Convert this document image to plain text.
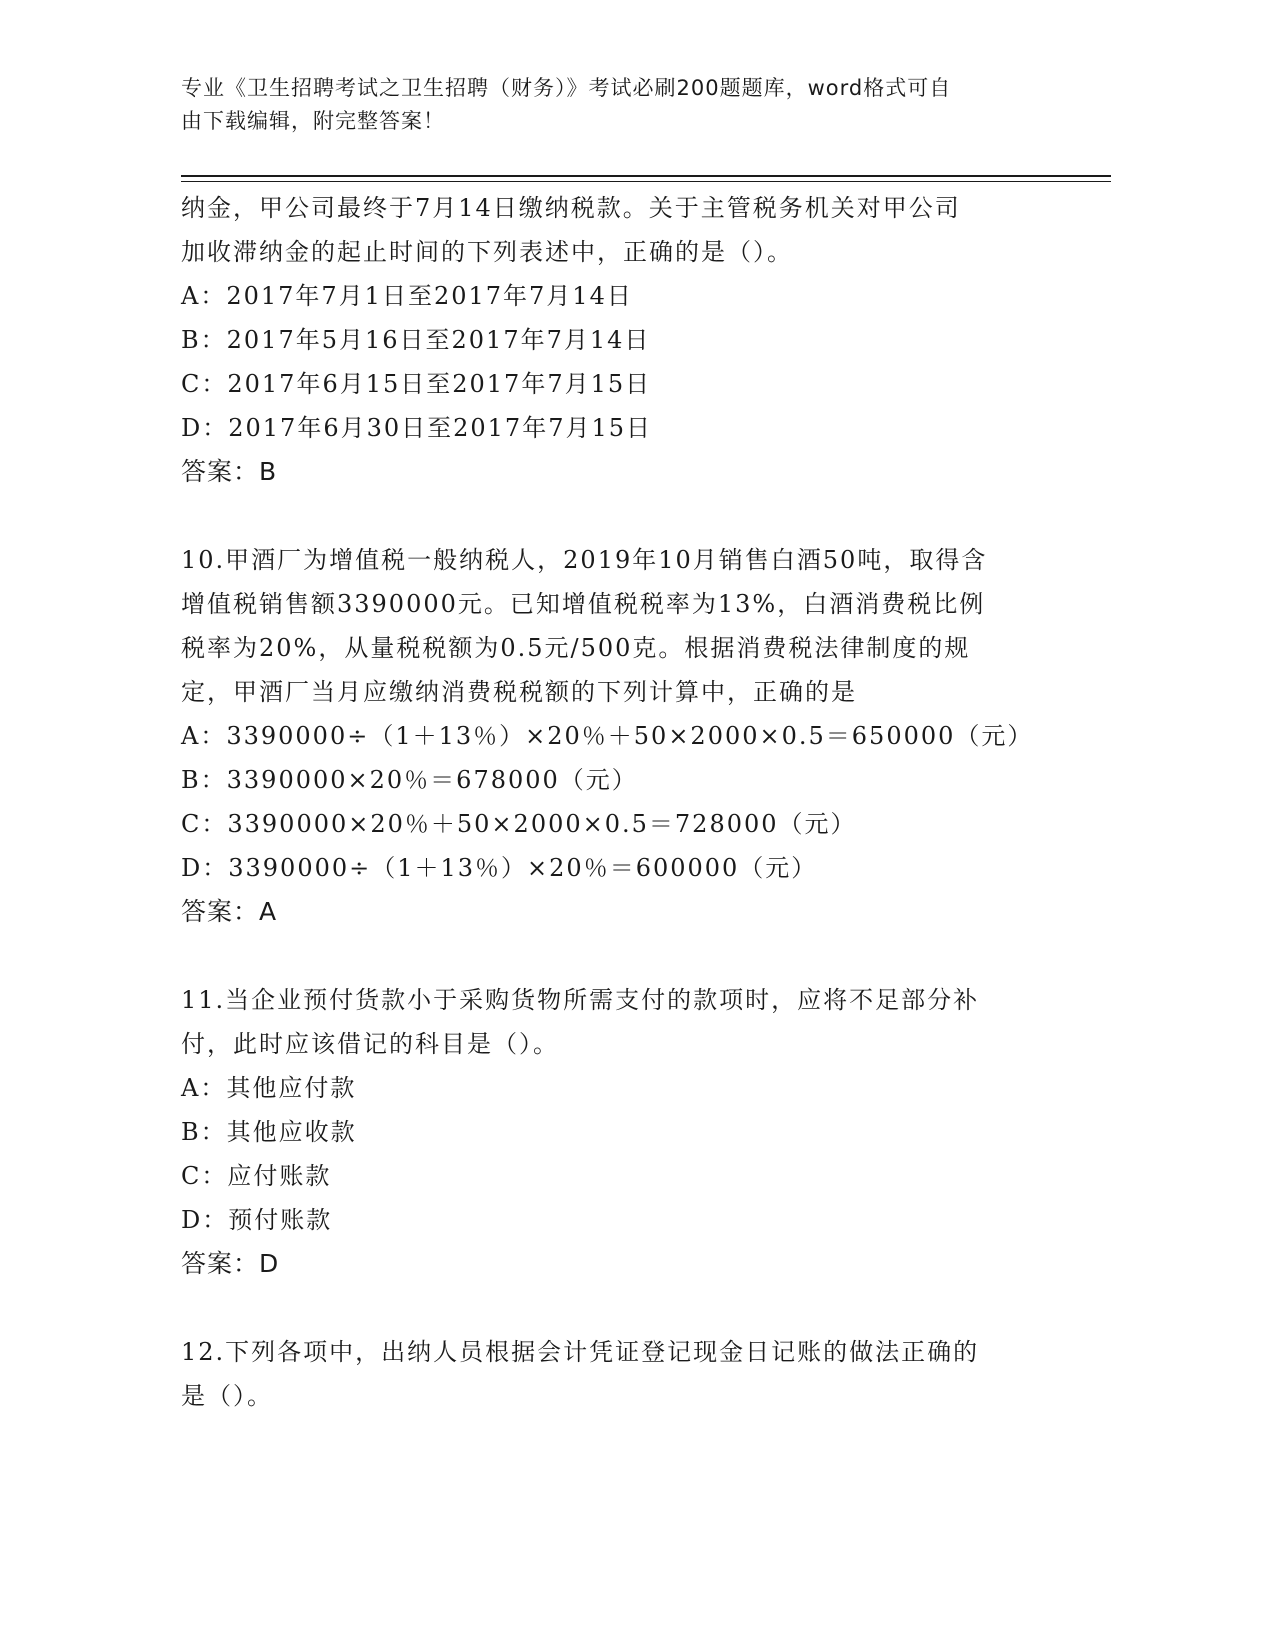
专业《卫生招聘考试之卫生招聘（财务）》考试必刷200题题库，word格式可自
由下载编辑，附完整答案！
纳金，甲公司最终于7月14日缴纳税款。关于主管税务机关对甲公司
加收滞纳金的起止时间的下列表述中，正确的是（）。
A：2017年7月1日至2017年7月14日
B：2017年5月16日至2017年7月14日
C：2017年6月15日至2017年7月15日
D：2017年6月30日至2017年7月15日
答案：B
10.甲酒厂为增值税一般纳税人，2019年10月销售白酒50吨，取得含
增值税销售额3390000元。已知增值税税率为13%，白酒消费税比例
税率为20%，从量税税额为0.5元/500克。根据消费税法律制度的规
定，甲酒厂当月应缴纳消费税税额的下列计算中，正确的是
A：3390000÷（1＋13％）×20％＋50×2000×0.5＝650000（元）
B：3390000×20％＝678000（元）
C：3390000×20％＋50×2000×0.5＝728000（元）
D：3390000÷（1＋13％）×20％＝600000（元）
答案：A
11.当企业预付货款小于采购货物所需支付的款项时，应将不足部分补
付，此时应该借记的科目是（）。
A：其他应付款
B：其他应收款
C：应付账款
D：预付账款
答案：D
12.下列各项中，出纳人员根据会计凭证登记现金日记账的做法正确的
是（）。
